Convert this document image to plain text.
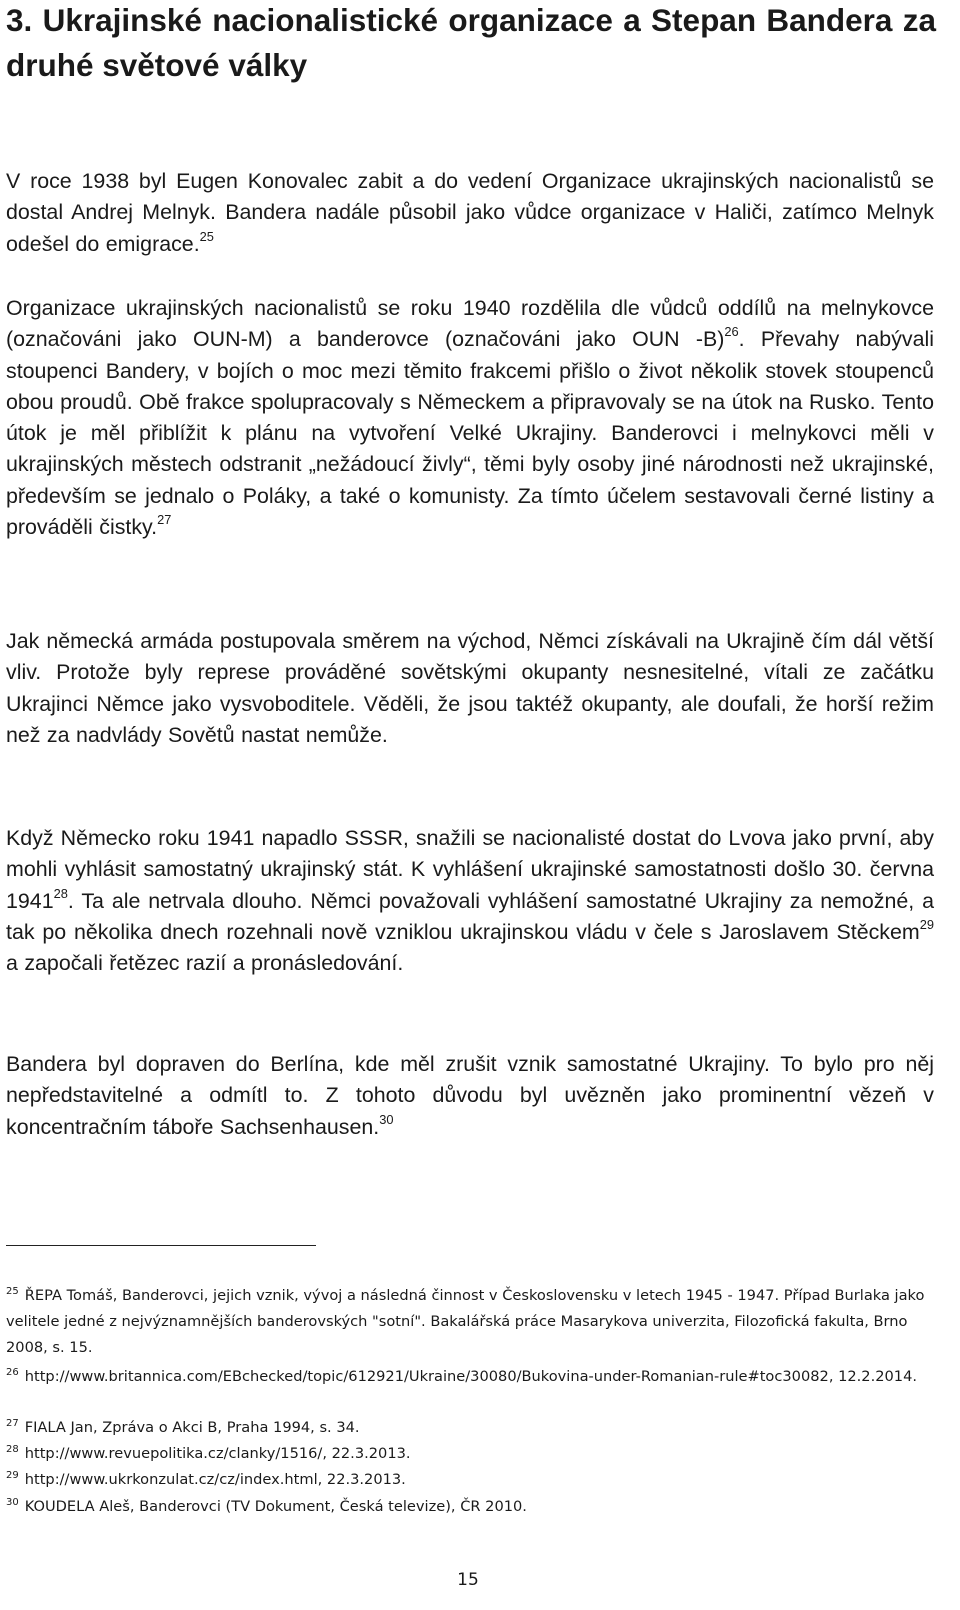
3. Ukrajinské nacionalistické organizace a Stepan Bandera za druhé světové války

V roce 1938 byl Eugen Konovalec zabit a do vedení Organizace ukrajinských nacionalistů se dostal Andrej Melnyk. Bandera nadále působil jako vůdce organizace v Haliči, zatímco Melnyk odešel do emigrace.$^{25}$

Organizace ukrajinských nacionalistů se roku 1940 rozdělila dle vůdců oddílů na melnykovce (označováni jako OUN-M) a banderovce (označováni jako OUN -B)$^{26}$. Převahy nabývali stoupenci Bandery, v bojích o moc mezi těmito frakcemi přišlo o život několik stovek stoupenců obou proudů. Obě frakce spolupracovaly s Německem a připravovaly se na útok na Rusko. Tento útok je měl přiblížit k plánu na vytvoření Velké Ukrajiny. Banderovci i melnykovci měli v ukrajinských městech odstranit „nežádoucí živly“, těmi byly osoby jiné národnosti než ukrajinské, především se jednalo o Poláky, a také o komunisty. Za tímto účelem sestavovali černé listiny a prováděli čistky.$^{27}$

Jak německá armáda postupovala směrem na východ, Němci získávali na Ukrajině čím dál větší vliv. Protože byly represe prováděné sovětskými okupanty nesnesitelné, vítali ze začátku Ukrajinci Němce jako vysvoboditele. Věděli, že jsou taktéž okupanty, ale doufali, že horší režim než za nadvlády Sovětů nastat nemůže.

Když Německo roku 1941 napadlo SSSR, snažili se nacionalisté dostat do Lvova jako první, aby mohli vyhlásit samostatný ukrajinský stát. K vyhlášení ukrajinské samostatnosti došlo 30. června 1941$^{28}$. Ta ale netrvala dlouho. Němci považovali vyhlášení samostatné Ukrajiny za nemožné, a tak po několika dnech rozehnali nově vzniklou ukrajinskou vládu v čele s Jaroslavem Stěckem$^{29}$ a započali řetězec razií a pronásledování.

Bandera byl dopraven do Berlína, kde měl zrušit vznik samostatné Ukrajiny. To bylo pro něj nepředstavitelné a odmítl to. Z tohoto důvodu byl uvězněn jako prominentní vězeň v koncentračním táboře Sachsenhausen.$^{30}$

$^{25}$ ŘEPA Tomáš, Banderovci, jejich vznik, vývoj a následná činnost v Československu v letech 1945 - 1947. Případ Burlaka jako velitele jedné z nejvýznamnějších banderovských "sotní". Bakalářská práce Masarykova univerzita, Filozofická fakulta, Brno 2008, s. 15.

$^{26}$ http://www.britannica.com/EBchecked/topic/612921/Ukraine/30080/Bukovina-under-Romanian-rule#toc30082, 12.2.2014.

$^{27}$ FIALA Jan, Zpráva o Akci B, Praha 1994, s. 34.

$^{28}$ http://www.revuepolitika.cz/clanky/1516/, 22.3.2013.

$^{29}$ http://www.ukrkonzulat.cz/cz/index.html, 22.3.2013.

$^{30}$ KOUDELA Aleš, Banderovci (TV Dokument, Česká televize), ČR 2010.

15
